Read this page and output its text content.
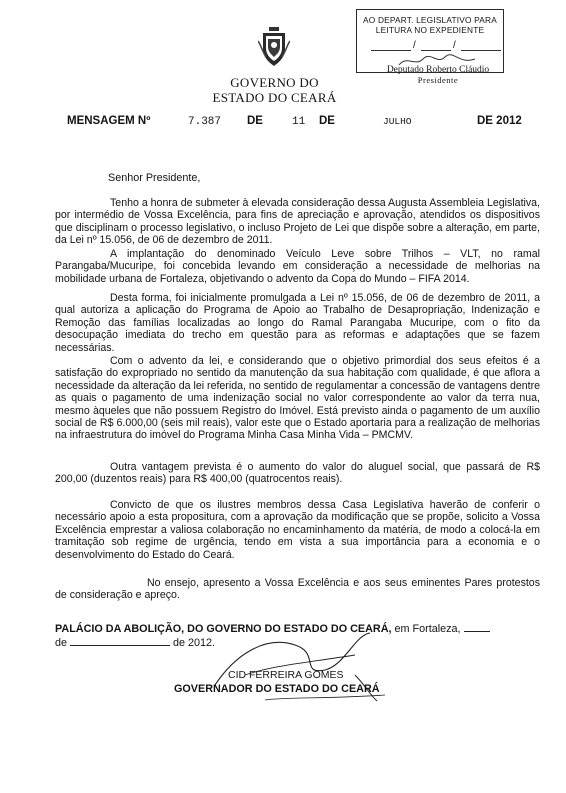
GOVERNO DO
ESTADO DO CEARÁ
AO DEPART. LEGISLATIVO PARA
LEITURA NO EXPEDIENTE
/	/
Deputado Roberto Cláudio
Presidente
MENSAGEM Nº	7.387 DE	11 DE	JULHO	DE 2012
Senhor Presidente,

Tenho a honra de submeter à elevada consideração dessa Augusta Assembleia Legislativa, por intermédio de Vossa Excelência, para fins de apreciação e aprovação, atendidos os dispositivos que disciplinam o processo legislativo, o incluso Projeto de Lei que dispõe sobre a alteração, em parte, da Lei nº 15.056, de 06 de dezembro de 2011.

A implantação do denominado Veículo Leve sobre Trilhos – VLT, no ramal Parangaba/Mucuripe, foi concebida levando em consideração a necessidade de melhorias na mobilidade urbana de Fortaleza, objetivando o advento da Copa do Mundo – FIFA 2014.

Desta forma, foi inicialmente promulgada a Lei nº 15.056, de 06 de dezembro de 2011, a qual autoriza a aplicação do Programa de Apoio ao Trabalho de Desapropriação, Indenização e Remoção das famílias localizadas ao longo do Ramal Parangaba Mucuripe, com o fito da desocupação imediata do trecho em questão para as reformas e adaptações que se fazem necessárias.

Com o advento da lei, e considerando que o objetivo primordial dos seus efeitos é a satisfação do expropriado no sentido da manutenção da sua habitação com qualidade, é que aflora a necessidade da alteração da lei referida, no sentido de regulamentar a concessão de vantagens dentre as quais o pagamento de uma indenização social no valor correspondente ao valor da terra nua, mesmo àqueles que não possuem Registro do Imóvel. Está previsto ainda o pagamento de um auxílio social de R$ 6.000,00 (seis mil reais), valor este que o Estado aportaria para a realização de melhorias na infraestrutura do imóvel do Programa Minha Casa Minha Vida – PMCMV.

Outra vantagem prevista é o aumento do valor do aluguel social, que passará de R$ 200,00 (duzentos reais) para R$ 400,00 (quatrocentos reais).

Convicto de que os ilustres membros dessa Casa Legislativa haverão de conferir o necessário apoio a esta propositura, com a aprovação da modificação que se propõe, solicito a Vossa Excelência emprestar a valiosa colaboração no encaminhamento da matéria, de modo a colocá-la em tramitação sob regime de urgência, tendo em vista a sua importância para a economia e o desenvolvimento do Estado do Ceará.

No ensejo, apresento a Vossa Excelência e aos seus eminentes Pares protestos de consideração e apreço.

PALÁCIO DA ABOLIÇÃO, DO GOVERNO DO ESTADO DO CEARÁ, em Fortaleza,
de	de 2012.
CID FERREIRA GOMES
GOVERNADOR DO ESTADO DO CEARÁ
